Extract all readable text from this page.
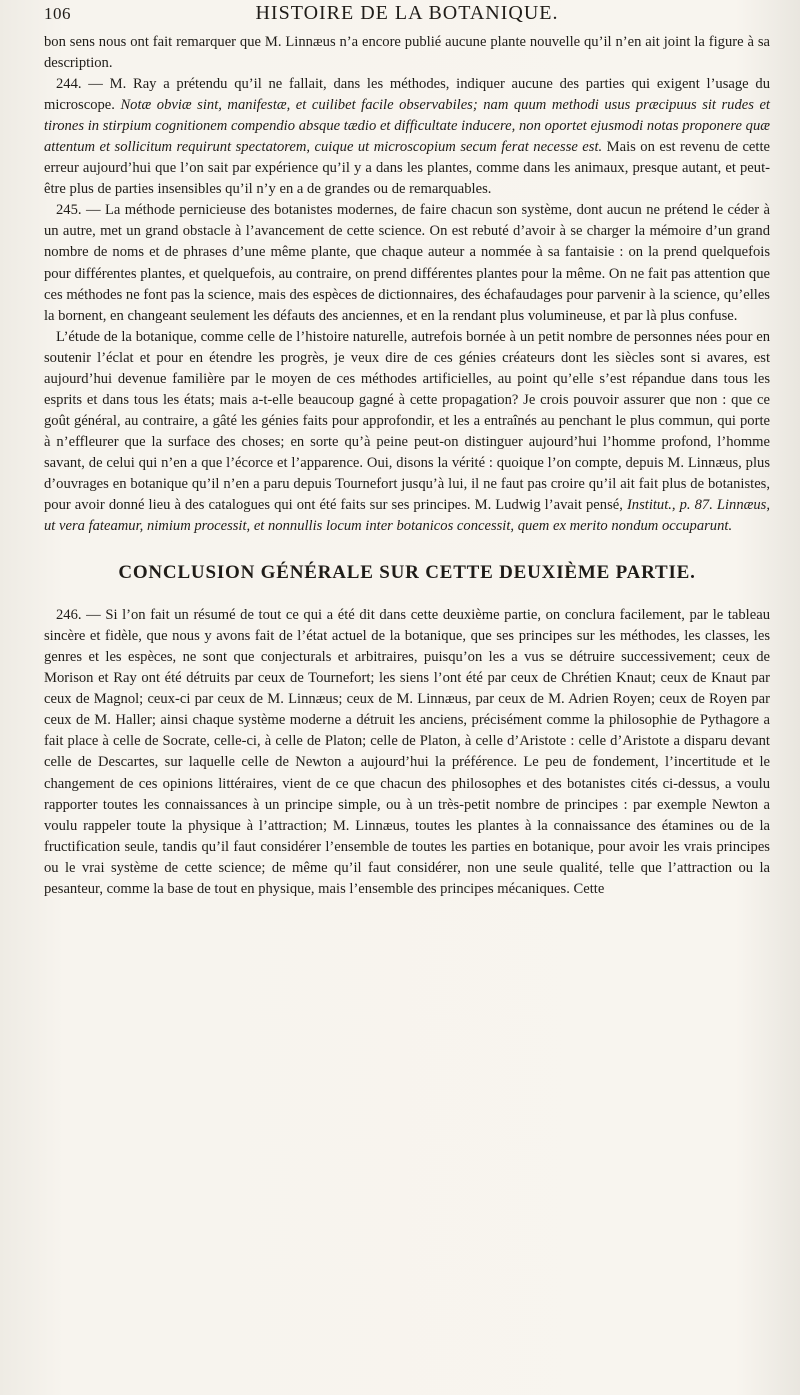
106	HISTOIRE DE LA BOTANIQUE.

bon sens nous ont fait remarquer que M. Linnæus n’a encore publié aucune plante nouvelle qu’il n’en ait joint la figure à sa description.

244. — M. Ray a prétendu qu’il ne fallait, dans les méthodes, indiquer aucune des parties qui exigent l’usage du microscope. Notæ obviæ sint, manifestæ, et cuilibet facile observabiles; nam quum methodi usus præcipuus sit rudes et tirones in stirpium cognitionem compendio absque tædio et difficultate inducere, non oportet ejusmodi notas proponere quæ attentum et sollicitum requirunt spectatorem, cuique ut microscopium secum ferat necesse est. Mais on est revenu de cette erreur aujourd’hui que l’on sait par expérience qu’il y a dans les plantes, comme dans les animaux, presque autant, et peut-être plus de parties insensibles qu’il n’y en a de grandes ou de remarquables.

245. — La méthode pernicieuse des botanistes modernes, de faire chacun son système, dont aucun ne prétend le céder à un autre, met un grand obstacle à l’avancement de cette science. On est rebuté d’avoir à se charger la mémoire d’un grand nombre de noms et de phrases d’une même plante, que chaque auteur a nommée à sa fantaisie : on la prend quelquefois pour différentes plantes, et quelquefois, au contraire, on prend différentes plantes pour la même. On ne fait pas attention que ces méthodes ne font pas la science, mais des espèces de dictionnaires, des échafaudages pour parvenir à la science, qu’elles la bornent, en changeant seulement les défauts des anciennes, et en la rendant plus volumineuse, et par là plus confuse.

L’étude de la botanique, comme celle de l’histoire naturelle, autrefois bornée à un petit nombre de personnes nées pour en soutenir l’éclat et pour en étendre les progrès, je veux dire de ces génies créateurs dont les siècles sont si avares, est aujourd’hui devenue familière par le moyen de ces méthodes artificielles, au point qu’elle s’est répandue dans tous les esprits et dans tous les états; mais a-t-elle beaucoup gagné à cette propagation? Je crois pouvoir assurer que non : que ce goût général, au contraire, a gâté les génies faits pour approfondir, et les a entraînés au penchant le plus commun, qui porte à n’effleurer que la surface des choses; en sorte qu’à peine peut-on distinguer aujourd’hui l’homme profond, l’homme savant, de celui qui n’en a que l’écorce et l’apparence. Oui, disons la vérité : quoique l’on compte, depuis M. Linnæus, plus d’ouvrages en botanique qu’il n’en a paru depuis Tournefort jusqu’à lui, il ne faut pas croire qu’il ait fait plus de botanistes, pour avoir donné lieu à des catalogues qui ont été faits sur ses principes. M. Ludwig l’avait pensé, Institut., p. 87. Linnæus, ut vera fateamur, nimium processit, et nonnullis locum inter botanicos concessit, quem ex merito nondum occuparunt.

CONCLUSION GÉNÉRALE SUR CETTE DEUXIÈME PARTIE.

246. — Si l’on fait un résumé de tout ce qui a été dit dans cette deuxième partie, on conclura facilement, par le tableau sincère et fidèle, que nous y avons fait de l’état actuel de la botanique, que ses principes sur les méthodes, les classes, les genres et les espèces, ne sont que conjecturals et arbitraires, puisqu’on les a vus se détruire successivement; ceux de Morison et Ray ont été détruits par ceux de Tournefort; les siens l’ont été par ceux de Chrétien Knaut; ceux de Knaut par ceux de Magnol; ceux-ci par ceux de M. Linnæus; ceux de M. Linnæus, par ceux de M. Adrien Royen; ceux de Royen par ceux de M. Haller; ainsi chaque système moderne a détruit les anciens, précisément comme la philosophie de Pythagore a fait place à celle de Socrate, celle-ci, à celle de Platon; celle de Platon, à celle d’Aristote : celle d’Aristote a disparu devant celle de Descartes, sur laquelle celle de Newton a aujourd’hui la préférence. Le peu de fondement, l’incertitude et le changement de ces opinions littéraires, vient de ce que chacun des philosophes et des botanistes cités ci-dessus, a voulu rapporter toutes les connaissances à un principe simple, ou à un très-petit nombre de principes : par exemple Newton a voulu rappeler toute la physique à l’attraction; M. Linnæus, toutes les plantes à la connaissance des étamines ou de la fructification seule, tandis qu’il faut considérer l’ensemble de toutes les parties en botanique, pour avoir les vrais principes ou le vrai système de cette science; de même qu’il faut considérer, non une seule qualité, telle que l’attraction ou la pesanteur, comme la base de tout en physique, mais l’ensemble des principes mécaniques. Cette
